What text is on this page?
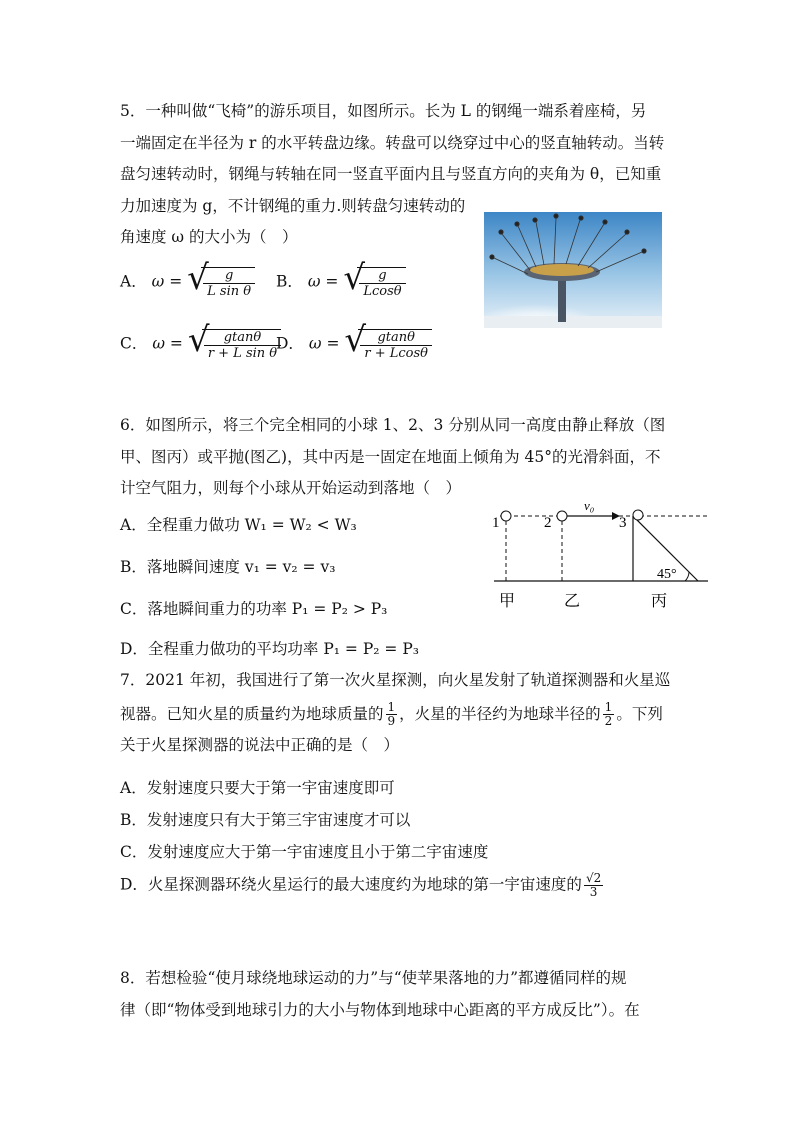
5．一种叫做“飞椅”的游乐项目，如图所示。长为 L 的钢绳一端系着座椅，另
一端固定在半径为 r 的水平转盘边缘。转盘可以绕穿过中心的竖直轴转动。当转
盘匀速转动时，钢绳与转轴在同一竖直平面内且与竖直方向的夹角为 θ，已知重
力加速度为 g，不计钢绳的重力.则转盘匀速转动的
角速度 ω 的大小为（　）
A． ω = √
$\frac{g}{\text{L sin θ}}$ B． ω = √
$\frac{g}{Lcos\theta}$
C． ω = √
$\frac{gtan\theta}{\text{r + L sin θ}}$
D． ω = √
$\frac{gtan\theta}{r + Lcos\theta}$
6．如图所示，将三个完全相同的小球 1、2、3 分别从同一高度由静止释放（图
甲、图丙）或平抛(图乙)，其中丙是一固定在地面上倾角为 45°的光滑斜面，不
计空气阻力，则每个小球从开始运动到落地（　）
A．全程重力做功 W₁ = W₂ < W₃
B．落地瞬间速度 v₁ = v₂ = v₃
C．落地瞬间重力的功率 P₁ = P₂ > P₃
D．全程重力做功的平均功率 P₁ = P₂ = P₃
1	2
v₀
3
45°
甲	乙	丙
7．2021 年初，我国进行了第一次火星探测，向火星发射了轨道探测器和火星巡
视器。已知火星的质量约为地球质量的 $\frac{1}{9}$ ，火星的半径约为地球半径的 $\frac{1}{2}$ 。下列
关于火星探测器的说法中正确的是（　）
A．发射速度只要大于第一宇宙速度即可
B．发射速度只有大于第三宇宙速度才可以
C．发射速度应大于第一宇宙速度且小于第二宇宙速度
D．火星探测器环绕火星运行的最大速度约为地球的第一宇宙速度的 $\frac{√2}{3}$
8．若想检验“使月球绕地球运动的力”与“使苹果落地的力”都遵循同样的规
律（即“物体受到地球引力的大小与物体到地球中心距离的平方成反比”）。在
